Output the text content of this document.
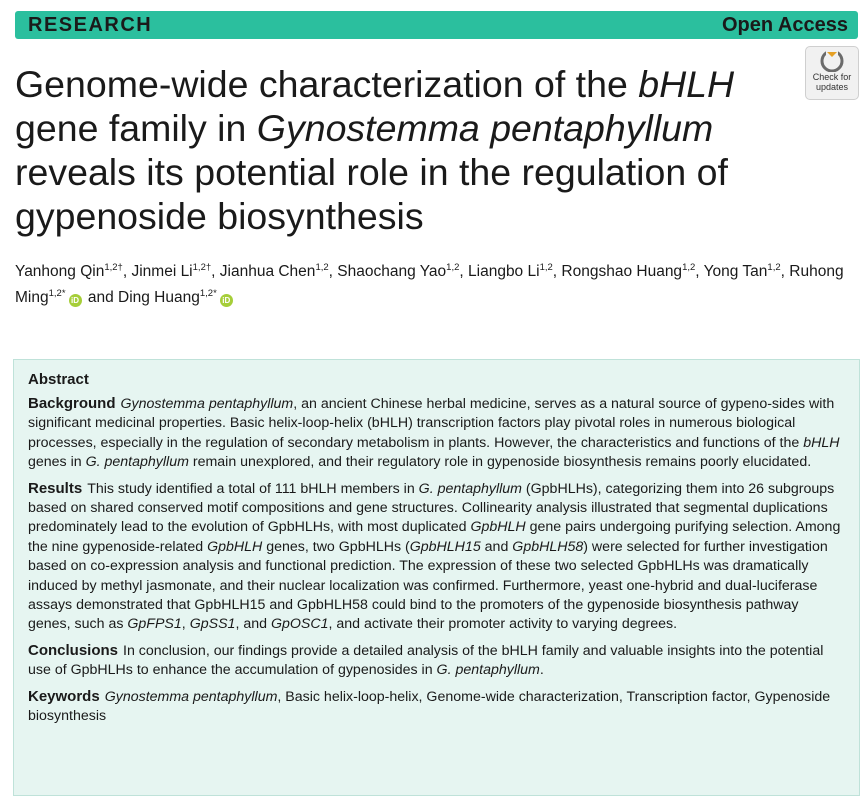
RESEARCH	Open Access
Genome-wide characterization of the bHLH gene family in Gynostemma pentaphyllum reveals its potential role in the regulation of gypenoside biosynthesis
Check for
updates
Yanhong Qin$^{1,2\dagger}$, Jinmei $Li^{1,2\dagger}$, Jianhua Chen$^{1,2}$, Shaochang Yao$^{1,2}$, Liangbo Li$^{1,2}$, Rongshao Huang$^{1,2}$, Yong Tan$^{1,2}$, Ruhong Ming$^{1,2*}$iD and Ding Huang$^{1,2*}$iD
Abstract

Background Gynostemma pentaphyllum, an ancient Chinese herbal medicine, serves as a natural source of gypeno-sides with significant medicinal properties. Basic helix-loop-helix (bHLH) transcription factors play pivotal roles in numerous biological processes, especially in the regulation of secondary metabolism in plants. However, the characteristics and functions of the bHLH genes in G. pentaphyllum remain unexplored, and their regulatory role in gypenoside biosynthesis remains poorly elucidated.

Results This study identified a total of 111 bHLH members in G. pentaphyllum (GpbHLHs), categorizing them into 26 subgroups based on shared conserved motif compositions and gene structures. Collinearity analysis illustrated that segmental duplications predominately lead to the evolution of GpbHLHs, with most duplicated GpbHLH gene pairs undergoing purifying selection. Among the nine gypenoside-related GpbHLH genes, two GpbHLHs (GpbHLH15 and GpbHLH58) were selected for further investigation based on co-expression analysis and functional prediction. The expression of these two selected GpbHLHs was dramatically induced by methyl jasmonate, and their nuclear localization was confirmed. Furthermore, yeast one-hybrid and dual-luciferase assays demonstrated that GpbHLH15 and GpbHLH58 could bind to the promoters of the gypenoside biosynthesis pathway genes, such as GpFPS1, GpSS1, and GpOSC1, and activate their promoter activity to varying degrees.

Conclusions In conclusion, our findings provide a detailed analysis of the bHLH family and valuable insights into the potential use of GpbHLHs to enhance the accumulation of gypenosides in G. pentaphyllum.

Keywords Gynostemma pentaphyllum, Basic helix-loop-helix, Genome-wide characterization, Transcription factor, Gypenoside biosynthesis
